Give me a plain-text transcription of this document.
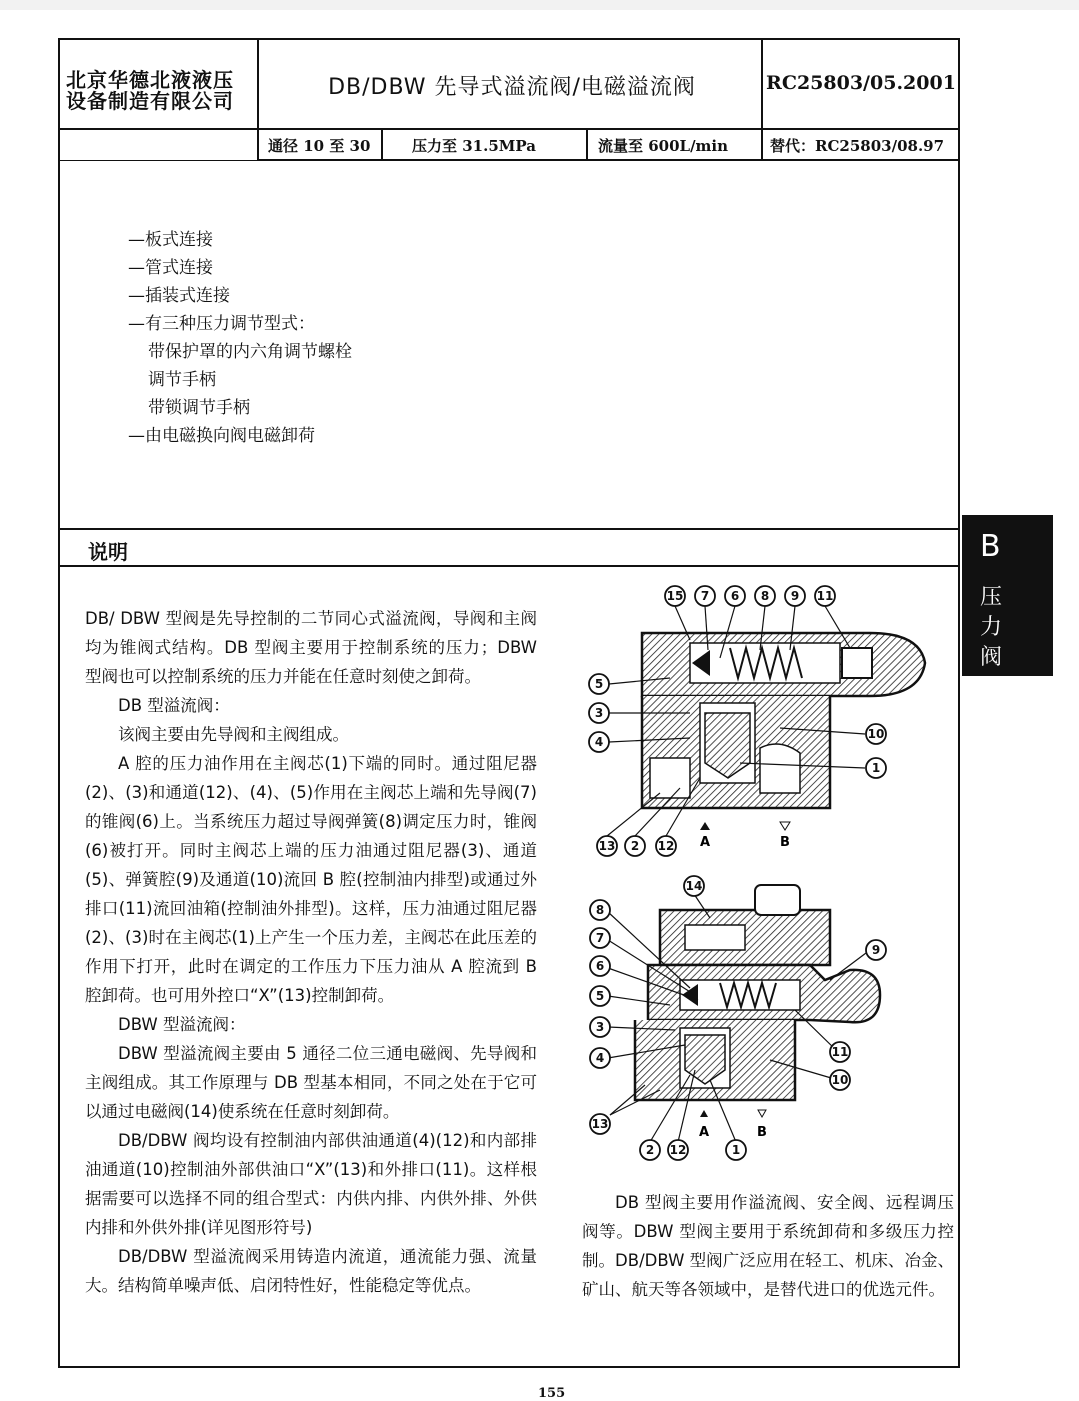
北京华德北液液压设备制造有限公司
DB/DBW 先导式溢流阀/电磁溢流阀	RC25803/05.2001
通径 10 至 30	压力至 31.5MPa	流量至 600L/min	替代：RC25803/08.97
—板式连接
—管式连接
—插装式连接
—有三种压力调节型式：
带保护罩的内六角调节螺栓
调节手柄
带锁调节手柄
—由电磁换向阀电磁卸荷
说明

DB/ DBW 型阀是先导控制的二节同心式溢流阀，导阀和主阀均为锥阀式结构。DB 型阀主要用于控制系统的压力；DBW 型阀也可以控制系统的压力并能在任意时刻使之卸荷。

DB 型溢流阀：

该阀主要由先导阀和主阀组成。

A 腔的压力油作用在主阀芯(1)下端的同时。通过阻尼器(2)、(3)和通道(12)、(4)、(5)作用在主阀芯上端和先导阀(7)的锥阀(6)上。当系统压力超过导阀弹簧(8)调定压力时，锥阀(6)被打开。同时主阀芯上端的压力油通过阻尼器(3)、通道(5)、弹簧腔(9)及通道(10)流回 B 腔(控制油内排型)或通过外排口(11)流回油箱(控制油外排型)。这样，压力油通过阻尼器(2)、(3)时在主阀芯(1)上产生一个压力差，主阀芯在此压差的作用下打开，此时在调定的工作压力下压力油从 A 腔流到 B 腔卸荷。也可用外控口“X”(13)控制卸荷。

DBW 型溢流阀：

DBW 型溢流阀主要由 5 通径二位三通电磁阀、先导阀和主阀组成。其工作原理与 DB 型基本相同，不同之处在于它可以通过电磁阀(14)使系统在任意时刻卸荷。

DB/DBW 阀均设有控制油内部供油通道(4)(12)和内部排油通道(10)控制油外部供油口“X”(13)和外排口(11)。这样根据需要可以选择不同的组合型式：内供内排、内供外排、外供内排和外供外排(详见图形符号)

DB/DBW 型溢流阀采用铸造内流道，通流能力强、流量大。结构简单噪声低、启闭特性好，性能稳定等优点。

DB 型阀主要用作溢流阀、安全阀、远程调压阀等。DBW 型阀主要用于系统卸荷和多级压力控制。DB/DBW 型阀广泛应用在轻工、机床、冶金、矿山、航天等各领域中，是替代进口的优选元件。
15 7 6 8 9 11
5
3
4
10
1
13 2 12 A	B
14
8
7
6
5
3
4
13
9
11
10
2 12	1
A	B
B
压力阀
155
